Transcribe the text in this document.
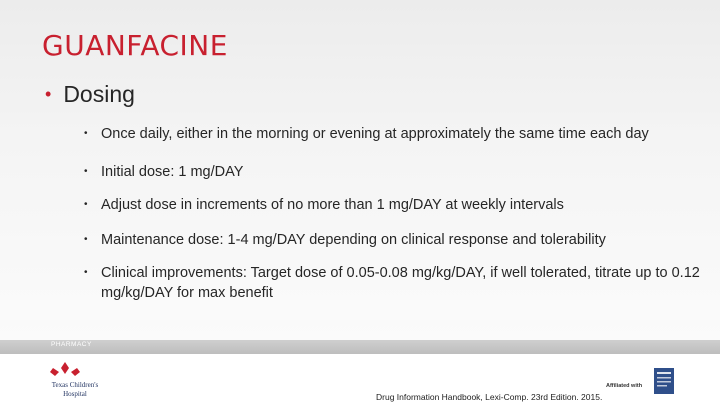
GUANFACINE
• Dosing
• Once daily, either in the morning or evening at approximately the same time each day
• Initial dose: 1 mg/DAY
• Adjust dose in increments of no more than 1 mg/DAY at weekly intervals
• Maintenance dose: 1-4 mg/DAY depending on clinical response and tolerability
• Clinical improvements: Target dose of 0.05-0.08 mg/kg/DAY, if well tolerated, titrate up to 0.12 mg/kg/DAY for max benefit
PHARMACY
Texas Children's
Hospital	Drug Information Handbook, Lexi-Comp. 23rd Edition. 2015.
Affiliated with
